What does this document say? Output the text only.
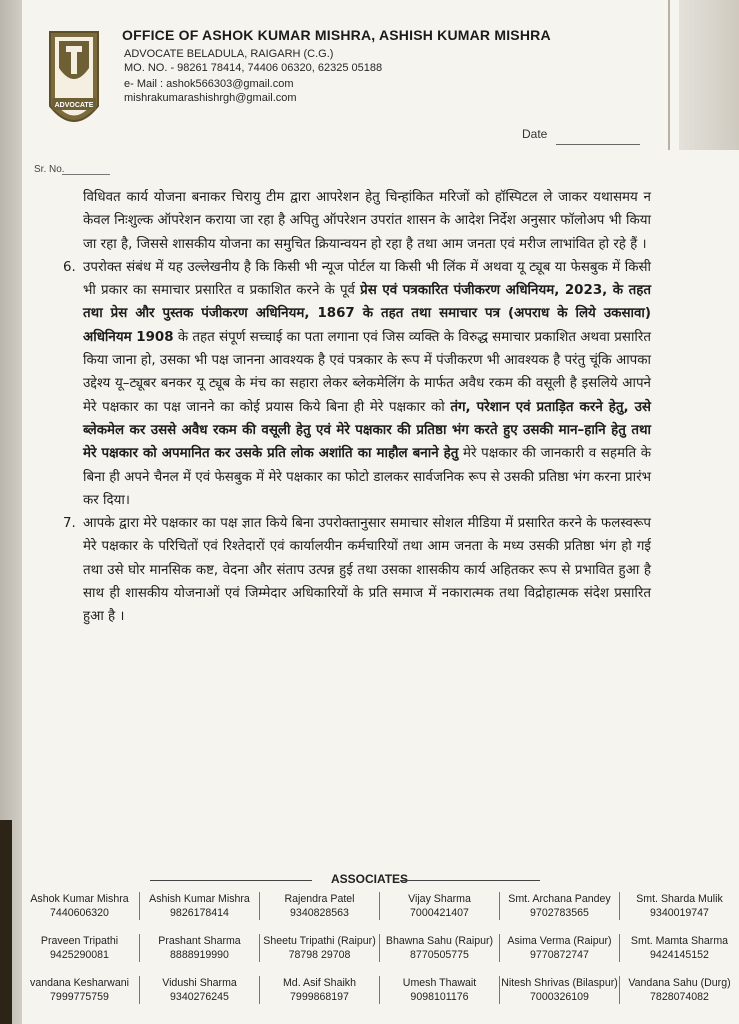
ADVOCATE
OFFICE OF ASHOK KUMAR MISHRA, ASHISH KUMAR MISHRA
ADVOCATE BELADULA, RAIGARH (C.G.)
MO. NO. - 98261 78414, 74406 06320, 62325 05188
e- Mail : ashok566303@gmail.com
mishrakumarashishrgh@gmail.com
Date
Sr. No.

विधिवत कार्य योजना बनाकर चिरायु टीम द्वारा आपरेशन हेतु चिन्हांकित मरिजों को हॉस्पिटल ले जाकर यथासमय न केवल निःशुल्क ऑपरेशन कराया जा रहा है अपितु ऑपरेशन उपरांत शासन के आदेश निर्देश अनुसार फॉलोअप भी किया जा रहा है, जिससे शासकीय योजना का समुचित क्रियान्वयन हो रहा है तथा आम जनता एवं मरीज लाभांवित हो रहे हैं ।

6. उपरोक्त संबंध में यह उल्लेखनीय है कि किसी भी न्यूज पोर्टल या किसी भी लिंक में अथवा यू ट्यूब या फेसबुक में किसी भी प्रकार का समाचार प्रसारित व प्रकाशित करने के पूर्व प्रेस एवं पत्रकारित पंजीकरण अधिनियम, 2023, के तहत तथा प्रेस और पुस्तक पंजीकरण अधिनियम, 1867 के तहत तथा समाचार पत्र (अपराध के लिये उकसावा) अधिनियम 1908 के तहत संपूर्ण सच्चाई का पता लगाना एवं जिस व्यक्ति के विरुद्ध समाचार प्रकाशित अथवा प्रसारित किया जाना हो, उसका भी पक्ष जानना आवश्यक है एवं पत्रकार के रूप में पंजीकरण भी आवश्यक है परंतु चूंकि आपका उद्देश्य यू–ट्यूबर बनकर यू ट्यूब के मंच का सहारा लेकर ब्लेकमेलिंग के मार्फत अवैध रकम की वसूली है इसलिये आपने मेरे पक्षकार का पक्ष जानने का कोई प्रयास किये बिना ही मेरे पक्षकार को तंग, परेशान एवं प्रताड़ित करने हेतु, उसे ब्लेकमेल कर उससे अवैध रकम की वसूली हेतु एवं मेरे पक्षकार की प्रतिष्ठा भंग करते हुए उसकी मान–हानि हेतु तथा मेरे पक्षकार को अपमानित कर उसके प्रति लोक अशांति का माहौल बनाने हेतु मेरे पक्षकार की जानकारी व सहमति के बिना ही अपने चैनल में एवं फेसबुक में मेरे पक्षकार का फोटो डालकर सार्वजनिक रूप से उसकी प्रतिष्ठा भंग करना प्रारंभ कर दिया।

7. आपके द्वारा मेरे पक्षकार का पक्ष ज्ञात किये बिना उपरोक्तानुसार समाचार सोशल मीडिया में प्रसारित करने के फलस्वरूप मेरे पक्षकार के परिचितों एवं रिश्तेदारों एवं कार्यालयीन कर्मचारियों तथा आम जनता के मध्य उसकी प्रतिष्ठा भंग हो गई तथा उसे घोर मानसिक कष्ट, वेदना और संताप उत्पन्न हुई तथा उसका शासकीय कार्य अहितकर रूप से प्रभावित हुआ है साथ ही शासकीय योजनाओं एवं जिम्मेदार अधिकारियों के प्रति समाज में नकारात्मक तथा विद्रोहात्मक संदेश प्रसारित हुआ है ।

ASSOCIATES
Ashok Kumar Mishra
7440606320
Ashish Kumar Mishra
9826178414
Rajendra Patel
9340828563
Vijay Sharma
7000421407
Smt. Archana Pandey
9702783565
Smt. Sharda Mulik
9340019747
Praveen Tripathi
9425290081
Prashant Sharma
8888919990
Sheetu Tripathi (Raipur)
78798 29708
Bhawna Sahu (Raipur)
8770505775
Asima Verma (Raipur)
9770872747
Smt. Mamta Sharma
9424145152
vandana Kesharwani
7999775759
Vidushi Sharma
9340276245
Md. Asif Shaikh
7999868197
Umesh Thawait
9098101176
Nitesh Shrivas (Bilaspur)
7000326109
Vandana Sahu (Durg)
7828074082
